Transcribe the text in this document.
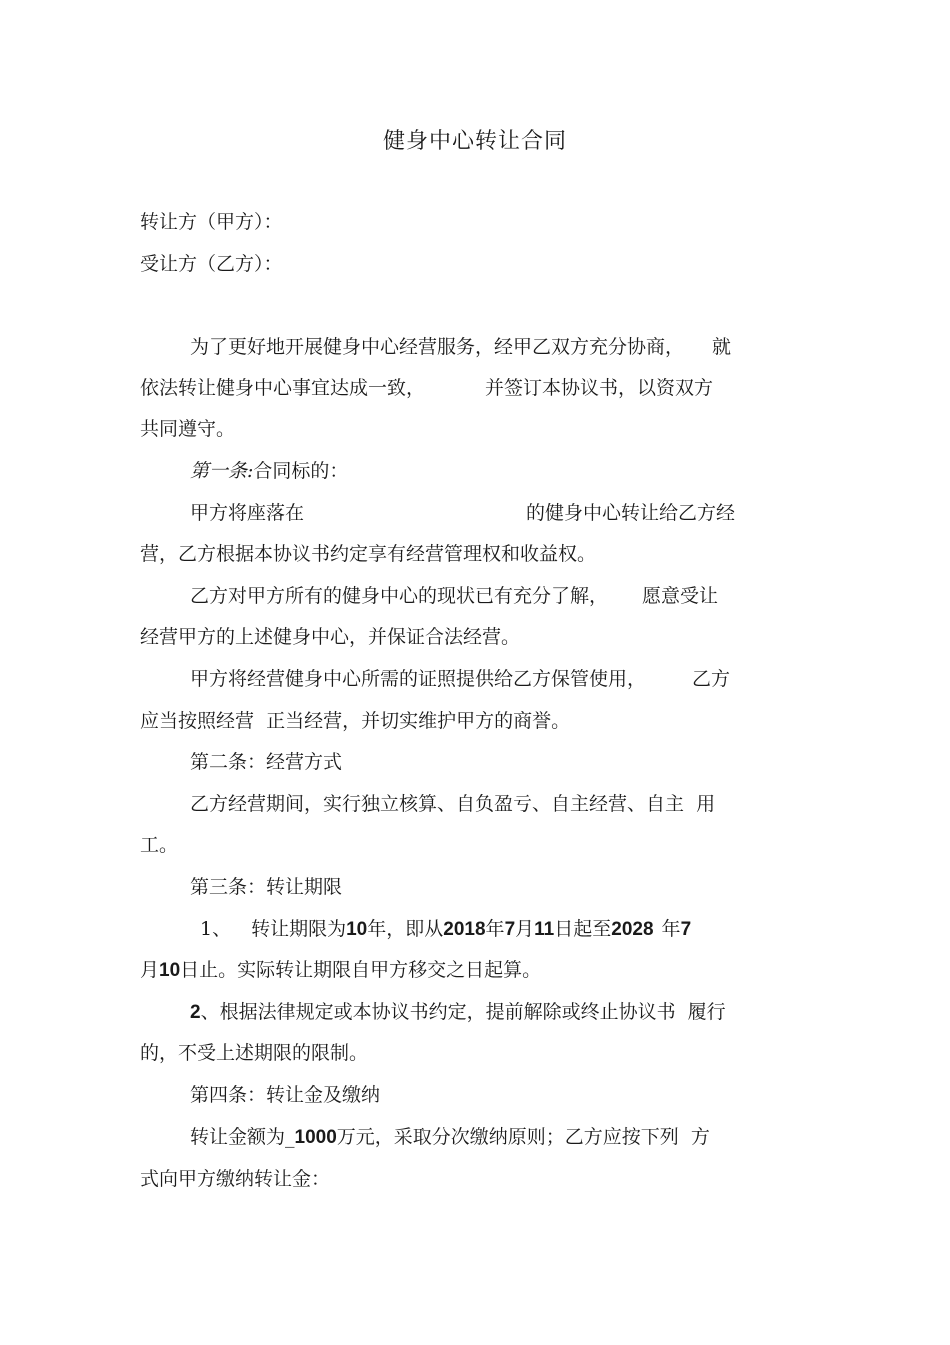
健身中心转让合同
转让方（甲方）：
受让方（乙方）：
为了更好地开展健身中心经营服务，经甲乙双方充分协商， 就
依法转让健身中心事宜达成一致，	并签订本协议书，以资双方
共同遵守。
第一条:合同标的：
甲方将座落在	的健身中心转让给乙方经
营，乙方根据本协议书约定享有经营管理权和收益权。
乙方对甲方所有的健身中心的现状已有充分了解， 愿意受让
经营甲方的上述健身中心，并保证合法经营。
甲方将经营健身中心所需的证照提供给乙方保管使用， 乙方
应当按照经营  正当经营，并切实维护甲方的商誉。
第二条：经营方式
乙方经营期间，实行独立核算、自负盈亏、自主经营、自主  用
工。
第三条：转让期限
1、 转让期限为10年，即从2018年7月11日起至2028 年7
月10日止。实际转让期限自甲方移交之日起算。
2、根据法律规定或本协议书约定，提前解除或终止协议书  履行
的，不受上述期限的限制。
第四条：转让金及缴纳
转让金额为_1000万元，采取分次缴纳原则；乙方应按下列  方
式向甲方缴纳转让金：
